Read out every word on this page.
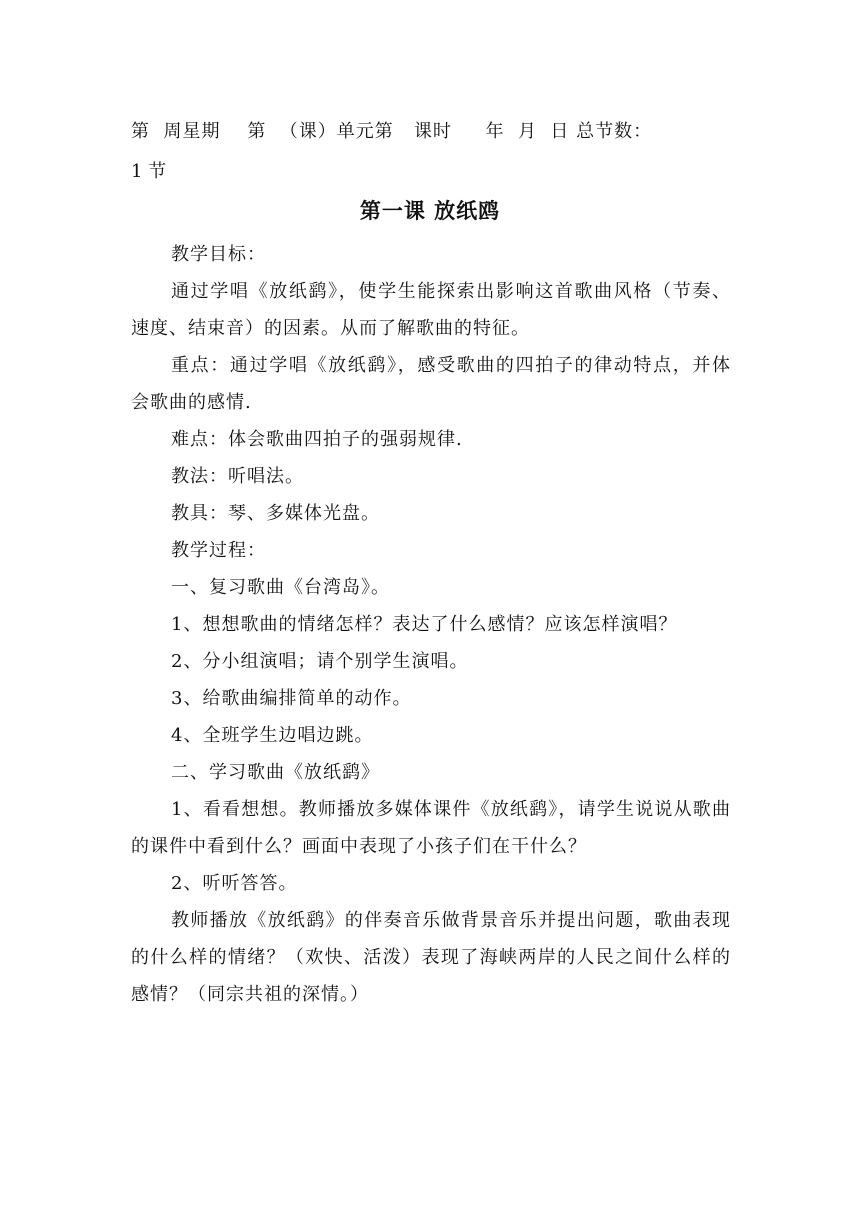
第  周星期    第  （课）单元第   课时     年  月  日 总节数：
1 节
第一课 放纸鸥

教学目标：

通过学唱《放纸鹞》，使学生能探索出影响这首歌曲风格（节奏、速度、结束音）的因素。从而了解歌曲的特征。

重点：通过学唱《放纸鹞》，感受歌曲的四拍子的律动特点，并体会歌曲的感情.

难点：体会歌曲四拍子的强弱规律.

教法：听唱法。

教具：琴、多媒体光盘。

教学过程：

一、复习歌曲《台湾岛》。

1、想想歌曲的情绪怎样？表达了什么感情？应该怎样演唱？

2、分小组演唱；请个别学生演唱。

3、给歌曲编排简单的动作。

4、全班学生边唱边跳。

二、学习歌曲《放纸鹞》

1、看看想想。教师播放多媒体课件《放纸鹞》，请学生说说从歌曲的课件中看到什么？画面中表现了小孩子们在干什么？

2、听听答答。

教师播放《放纸鹞》的伴奏音乐做背景音乐并提出问题，歌曲表现的什么样的情绪？（欢快、活泼）表现了海峡两岸的人民之间什么样的感情？（同宗共祖的深情。）
